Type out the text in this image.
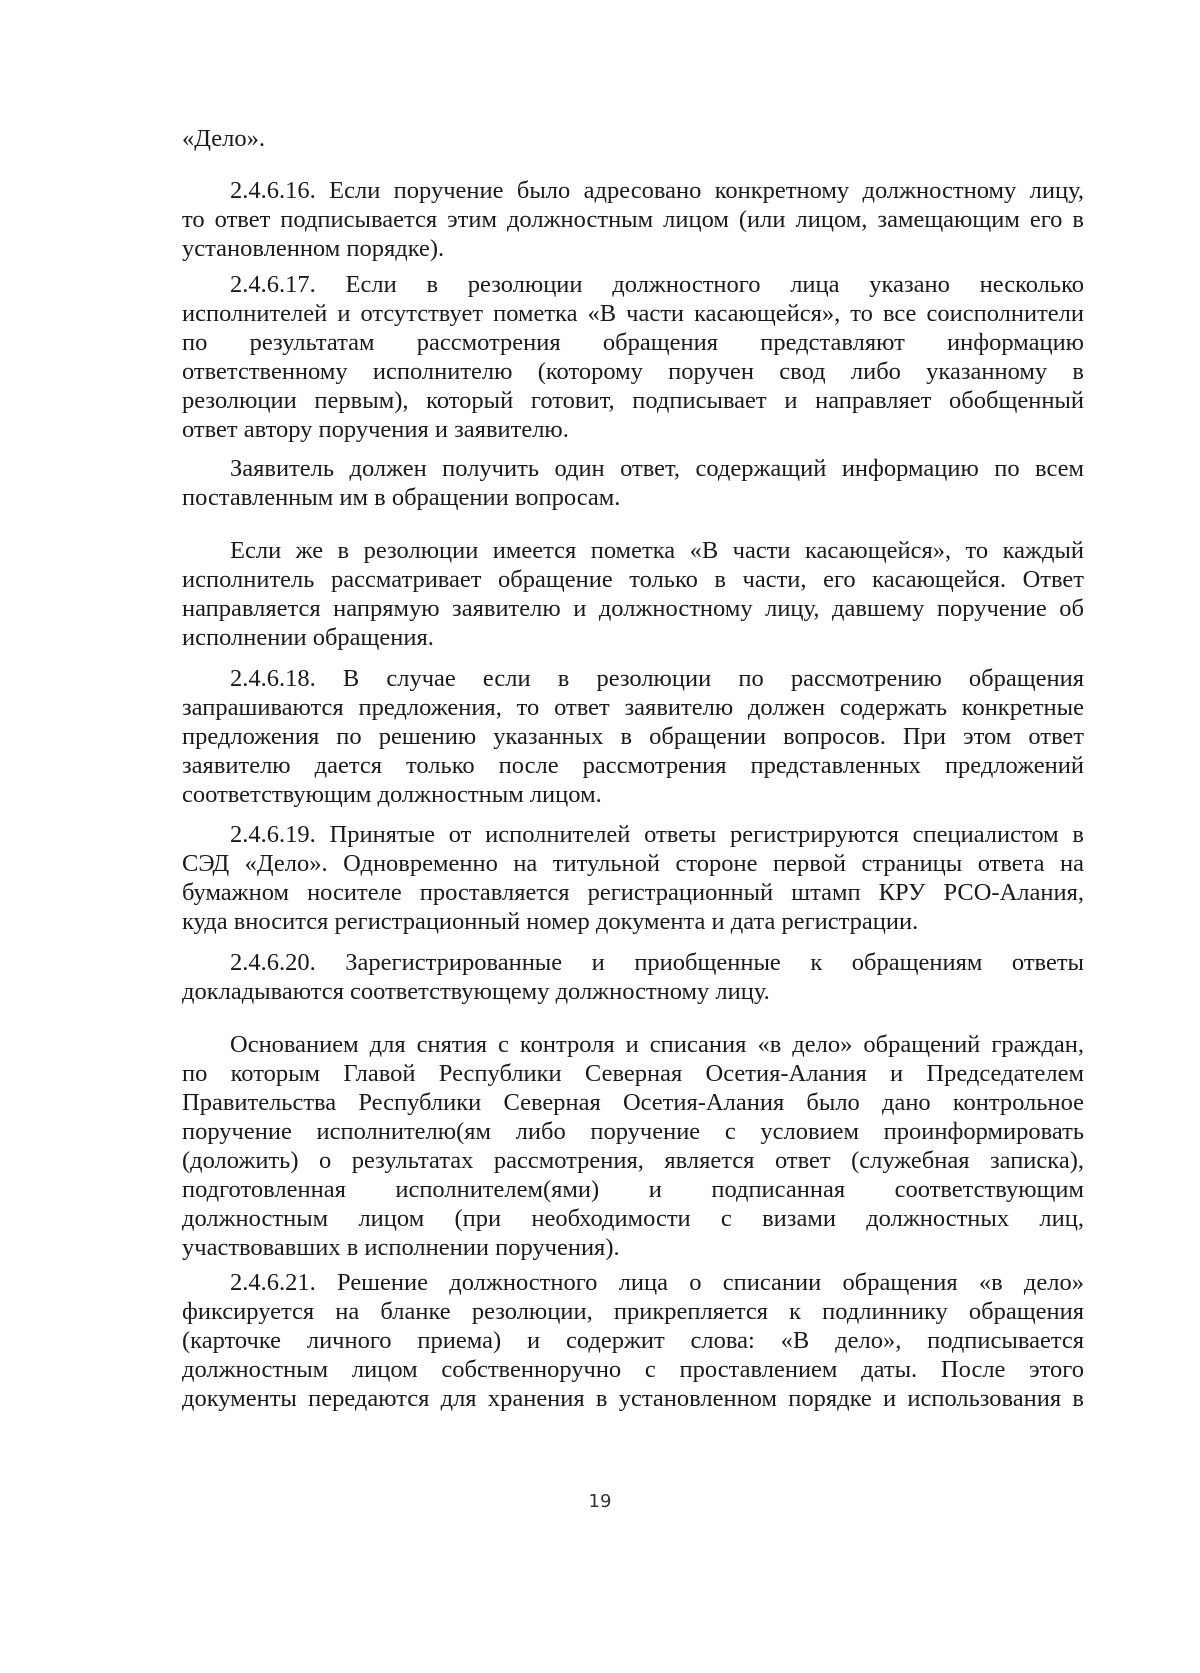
«Дело».

2.4.6.16. Если поручение было адресовано конкретному должностному лицу,
то ответ подписывается этим должностным лицом (или лицом, замещающим его в
установленном порядке).

2.4.6.17. Если в резолюции должностного лица указано несколько
исполнителей и отсутствует пометка «В части касающейся», то все соисполнители
по результатам рассмотрения обращения представляют информацию
ответственному исполнителю (которому поручен свод либо указанному в
резолюции первым), который готовит, подписывает и направляет обобщенный
ответ автору поручения и заявителю.

Заявитель должен получить один ответ, содержащий информацию по всем
поставленным им в обращении вопросам.

Если же в резолюции имеется пометка «В части касающейся», то каждый
исполнитель рассматривает обращение только в части, его касающейся. Ответ
направляется напрямую заявителю и должностному лицу, давшему поручение об
исполнении обращения.

2.4.6.18. В случае если в резолюции по рассмотрению обращения
запрашиваются предложения, то ответ заявителю должен содержать конкретные
предложения по решению указанных в обращении вопросов. При этом ответ
заявителю дается только после рассмотрения представленных предложений
соответствующим должностным лицом.

2.4.6.19. Принятые от исполнителей ответы регистрируются специалистом в
СЭД «Дело». Одновременно на титульной стороне первой страницы ответа на
бумажном носителе проставляется регистрационный штамп КРУ РСО-Алания,
куда вносится регистрационный номер документа и дата регистрации.

2.4.6.20. Зарегистрированные и приобщенные к обращениям ответы
докладываются соответствующему должностному лицу.

Основанием для снятия с контроля и списания «в дело» обращений граждан,
по которым Главой Республики Северная Осетия-Алания и Председателем
Правительства Республики Северная Осетия-Алания было дано контрольное
поручение исполнителю(ям либо поручение с условием проинформировать
(доложить) о результатах рассмотрения, является ответ (служебная записка),
подготовленная исполнителем(ями) и подписанная соответствующим
должностным лицом (при необходимости с визами должностных лиц,
участвовавших в исполнении поручения).

2.4.6.21. Решение должностного лица о списании обращения «в дело»
фиксируется на бланке резолюции, прикрепляется к подлиннику обращения
(карточке личного приема) и содержит слова: «В дело», подписывается
должностным лицом собственноручно с проставлением даты. После этого
документы передаются для хранения в установленном порядке и использования в

19
